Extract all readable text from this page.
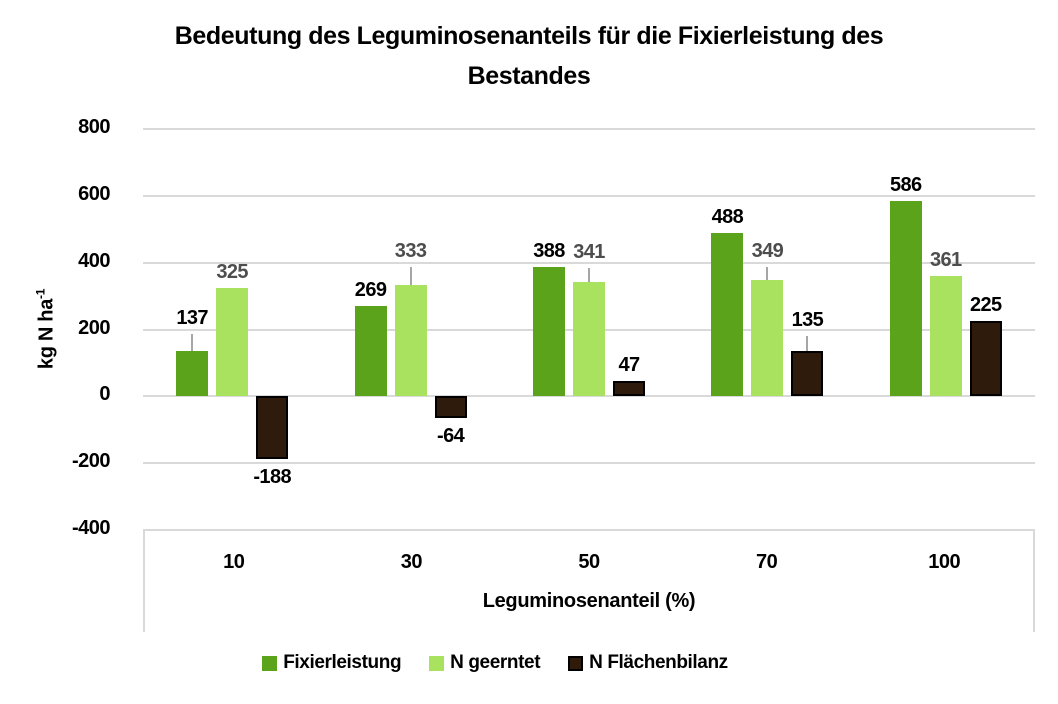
Bedeutung des Leguminosenanteils für die Fixierleistung des
Bestandes
kg N $ha^{-1}$
800
600
400
200
0
-200
-400
137
269
388
488
586
325
333	341	349	361
-188
-64
47
135
225
10	30	50	70	100
Leguminosenanteil (%)
Fixierleistung	N geerntet	N Flächenbilanz
